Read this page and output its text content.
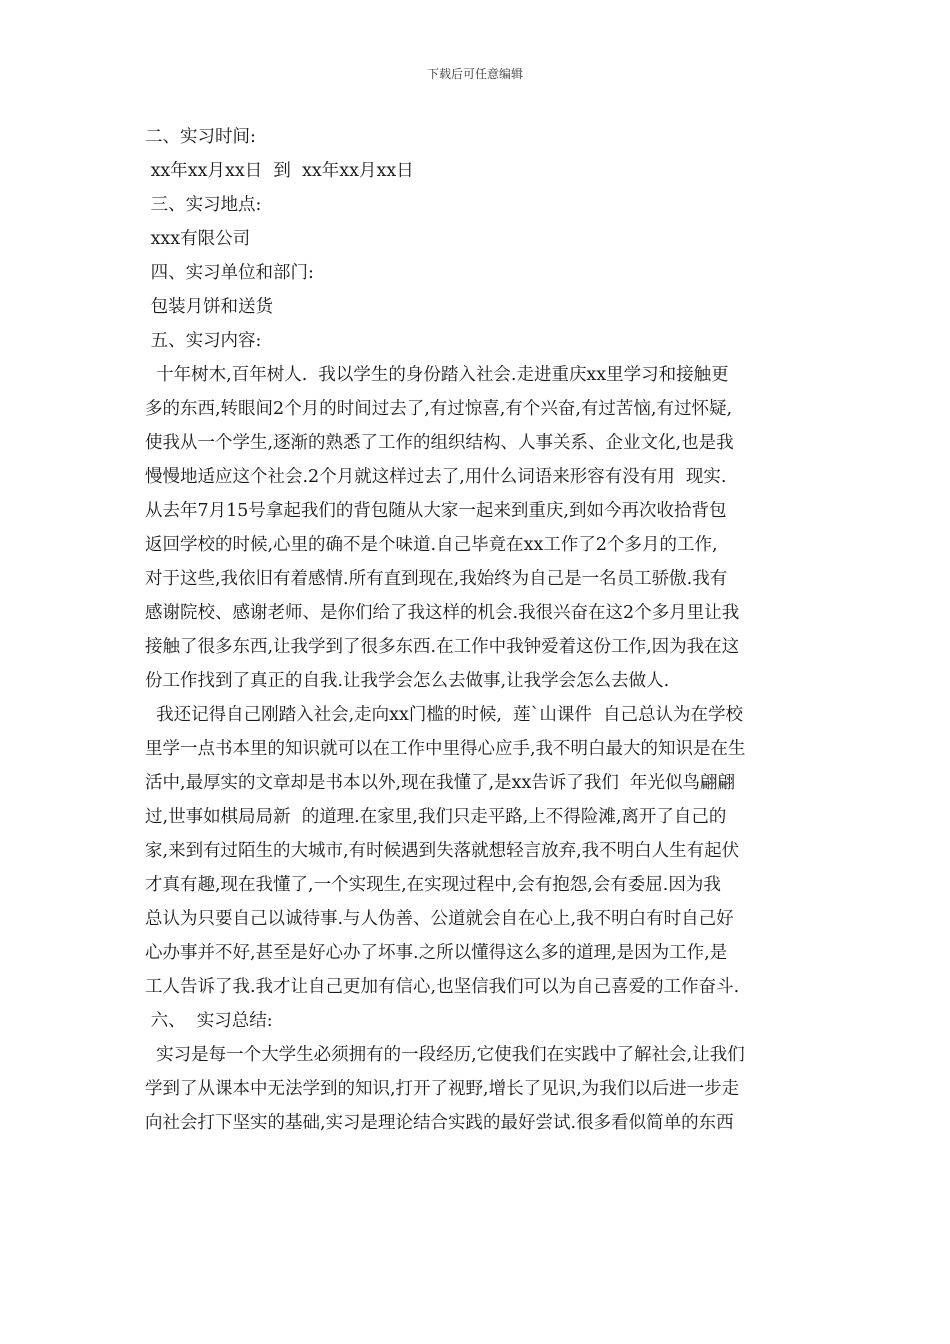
下载后可任意编辑
二、实习时间:
xx年xx月xx日  到  xx年xx月xx日
三、实习地点:
xxx有限公司
四、实习单位和部门:
包装月饼和送货
五、实习内容:
十年树木,百年树人.  我以学生的身份踏入社会.走进重庆xx里学习和接触更
多的东西,转眼间2个月的时间过去了,有过惊喜,有个兴奋,有过苦恼,有过怀疑,
使我从一个学生,逐渐的熟悉了工作的组织结构、人事关系、企业文化,也是我
慢慢地适应这个社会.2个月就这样过去了,用什么词语来形容有没有用  现实.
从去年7月15号拿起我们的背包随从大家一起来到重庆,到如今再次收拾背包
返回学校的时候,心里的确不是个味道.自己毕竟在xx工作了2个多月的工作,
对于这些,我依旧有着感情.所有直到现在,我始终为自己是一名员工骄傲.我有
感谢院校、感谢老师、是你们给了我这样的机会.我很兴奋在这2个多月里让我
接触了很多东西,让我学到了很多东西.在工作中我钟爱着这份工作,因为我在这
份工作找到了真正的自我.让我学会怎么去做事,让我学会怎么去做人.
我还记得自己刚踏入社会,走向xx门槛的时候,  莲`山课件  自己总认为在学校
里学一点书本里的知识就可以在工作中里得心应手,我不明白最大的知识是在生
活中,最厚实的文章却是书本以外,现在我懂了,是xx告诉了我们  年光似鸟翩翩
过,世事如棋局局新  的道理.在家里,我们只走平路,上不得险滩,离开了自己的
家,来到有过陌生的大城市,有时候遇到失落就想轻言放弃,我不明白人生有起伏
才真有趣,现在我懂了,一个实现生,在实现过程中,会有抱怨,会有委屈.因为我
总认为只要自己以诚待事.与人伪善、公道就会自在心上,我不明白有时自己好
心办事并不好,甚至是好心办了坏事.之所以懂得这么多的道理,是因为工作,是
工人告诉了我.我才让自己更加有信心,也坚信我们可以为自己喜爱的工作奋斗.
六、  实习总结:
实习是每一个大学生必须拥有的一段经历,它使我们在实践中了解社会,让我们
学到了从课本中无法学到的知识,打开了视野,增长了见识,为我们以后进一步走
向社会打下坚实的基础,实习是理论结合实践的最好尝试.很多看似简单的东西
